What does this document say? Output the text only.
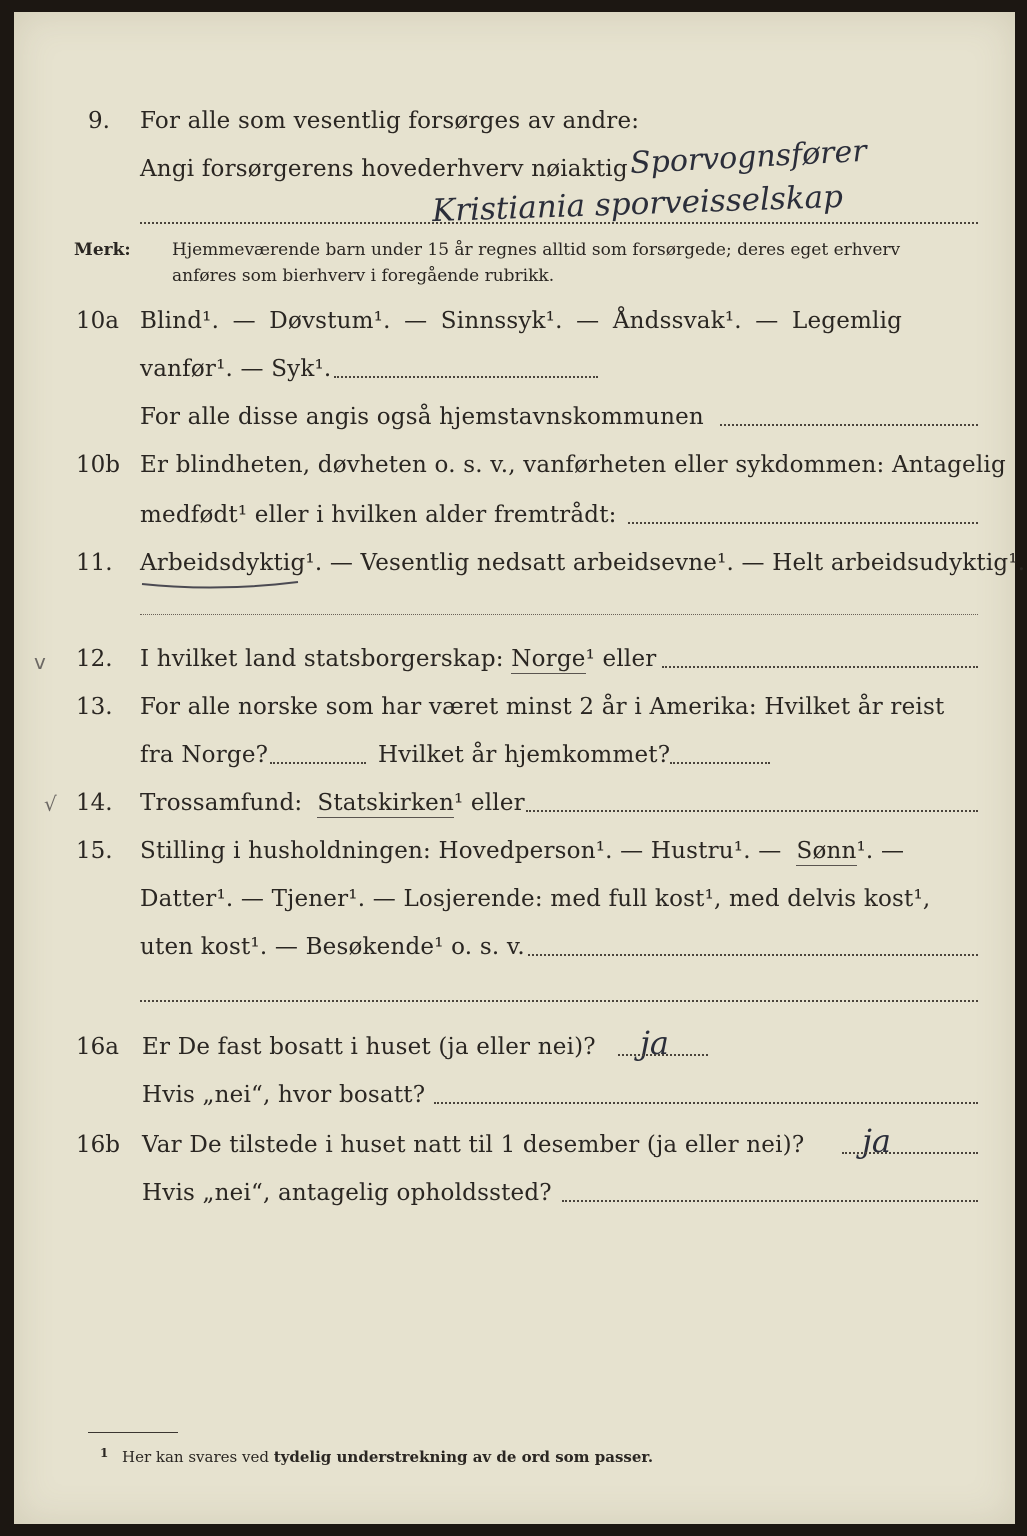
9. For alle som vesentlig forsørges av andre:
Angi forsørgerens hovederhverv nøiaktig Sporvognsfører
Kristiania sporveisselskap
Merk: Hjemmeværende barn under 15 år regnes alltid som forsørgede; deres eget erhverv
anføres som bierhverv i foregående rubrikk.
10a Blind¹. — Døvstum¹. — Sinnssyk¹. — Åndssvak¹. — Legemlig
vanfør¹. — Syk¹.
For alle disse angis også hjemstavnskommunen
10b Er blindheten, døvheten o. s. v., vanførheten eller sykdommen: Antagelig
medfødt¹ eller i hvilken alder fremtrådt:
11. Arbeidsdyktig¹. — Vesentlig nedsatt arbeidsevne¹. — Helt arbeidsudyktig¹.
v 12. I hvilket land statsborgerskap: Norge¹ eller
13. For alle norske som har været minst 2 år i Amerika: Hvilket år reist
fra Norge?	Hvilket år hjemkommet?
√ 14. Trossamfund: Statskirken¹ eller
15. Stilling i husholdningen: Hovedperson¹. — Hustru¹. — Sønn¹. —
Datter¹. — Tjener¹. — Losjerende: med full kost¹, med delvis kost¹,
uten kost¹. — Besøkende¹ o. s. v.
16a Er De fast bosatt i huset (ja eller nei)? ja
Hvis „nei“, hvor bosatt?
16b Var De tilstede i huset natt til 1 desember (ja eller nei)? ja
Hvis „nei“, antagelig opholdssted?
1 Her kan svares ved tydelig understrekning av de ord som passer.
